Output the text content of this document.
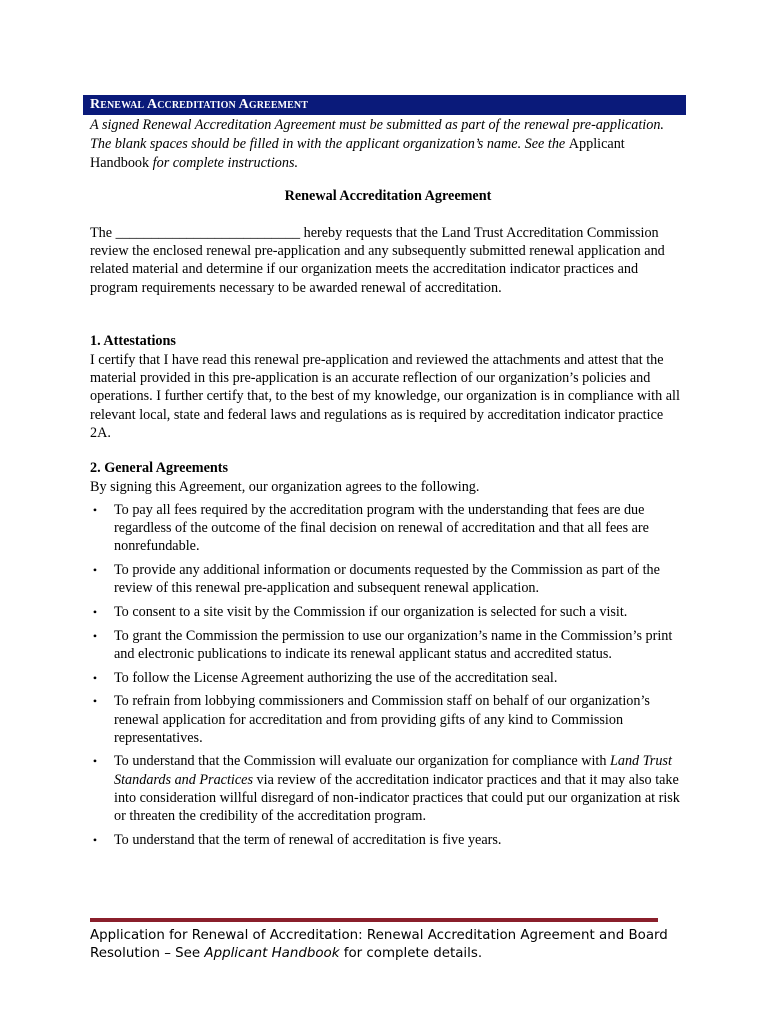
Renewal Accreditation Agreement
A signed Renewal Accreditation Agreement must be submitted as part of the renewal pre-application. The blank spaces should be filled in with the applicant organization’s name. See the Applicant Handbook for complete instructions.
Renewal Accreditation Agreement
The __________________________ hereby requests that the Land Trust Accreditation Commission review the enclosed renewal pre-application and any subsequently submitted renewal application and related material and determine if our organization meets the accreditation indicator practices and program requirements necessary to be awarded renewal of accreditation.
1. Attestations
I certify that I have read this renewal pre-application and reviewed the attachments and attest that the material provided in this pre-application is an accurate reflection of our organization’s policies and operations. I further certify that, to the best of my knowledge, our organization is in compliance with all relevant local, state and federal laws and regulations as is required by accreditation indicator practice 2A.
2. General Agreements
By signing this Agreement, our organization agrees to the following.
• To pay all fees required by the accreditation program with the understanding that fees are due regardless of the outcome of the final decision on renewal of accreditation and that all fees are nonrefundable.
• To provide any additional information or documents requested by the Commission as part of the review of this renewal pre-application and subsequent renewal application.
• To consent to a site visit by the Commission if our organization is selected for such a visit.
• To grant the Commission the permission to use our organization’s name in the Commission’s print and electronic publications to indicate its renewal applicant status and accredited status.
• To follow the License Agreement authorizing the use of the accreditation seal.
• To refrain from lobbying commissioners and Commission staff on behalf of our organization’s renewal application for accreditation and from providing gifts of any kind to Commission representatives.
• To understand that the Commission will evaluate our organization for compliance with Land Trust Standards and Practices via review of the accreditation indicator practices and that it may also take into consideration willful disregard of non-indicator practices that could put our organization at risk or threaten the credibility of the accreditation program.
• To understand that the term of renewal of accreditation is five years.
Application for Renewal of Accreditation: Renewal Accreditation Agreement and Board Resolution – See Applicant Handbook for complete details.
